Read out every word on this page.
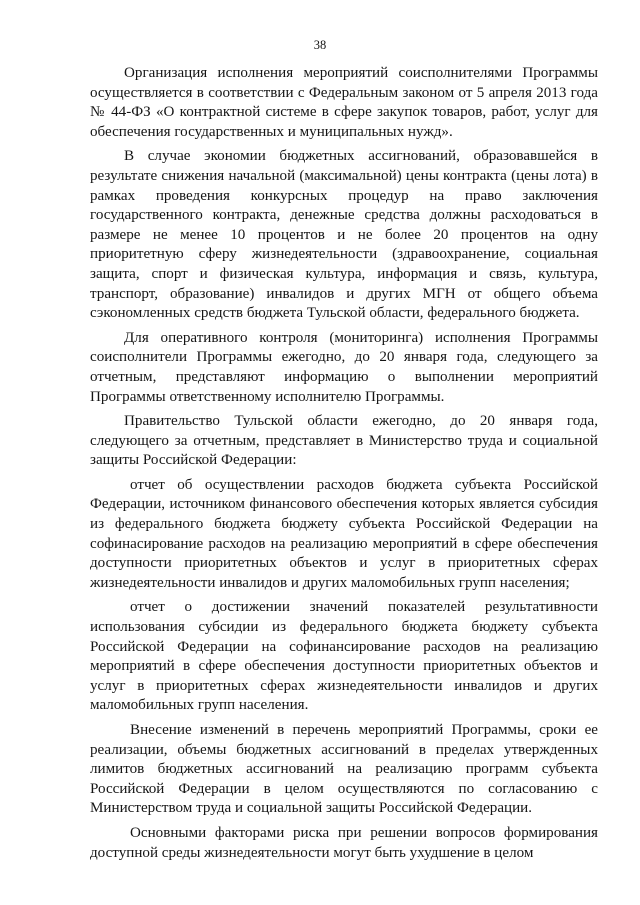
38

Организация исполнения мероприятий соисполнителями Программы осуществляется в соответствии с Федеральным законом от 5 апреля 2013 года № 44-ФЗ «О контрактной системе в сфере закупок товаров, работ, услуг для обеспечения государственных и муниципальных нужд».

В случае экономии бюджетных ассигнований, образовавшейся в результате снижения начальной (максимальной) цены контракта (цены лота) в рамках проведения конкурсных процедур на право заключения государственного контракта, денежные средства должны расходоваться в размере не менее 10 процентов и не более 20 процентов на одну приоритетную сферу жизнедеятельности (здравоохранение, социальная защита, спорт и физическая культура, информация и связь, культура, транспорт, образование) инвалидов и других МГН от общего объема сэкономленных средств бюджета Тульской области, федерального бюджета.

Для оперативного контроля (мониторинга) исполнения Программы соисполнители Программы ежегодно, до 20 января года, следующего за отчетным, представляют информацию о выполнении мероприятий Программы ответственному исполнителю Программы.

Правительство Тульской области ежегодно, до 20 января года, следующего за отчетным, представляет в Министерство труда и социальной защиты Российской Федерации:

отчет об осуществлении расходов бюджета субъекта Российской Федерации, источником финансового обеспечения которых является субсидия из федерального бюджета бюджету субъекта Российской Федерации на софинасирование расходов на реализацию мероприятий в сфере обеспечения доступности приоритетных объектов и услуг в приоритетных сферах жизнедеятельности инвалидов и других маломобильных групп населения;

отчет о достижении значений показателей результативности использования субсидии из федерального бюджета бюджету субъекта Российской Федерации на софинансирование расходов на реализацию мероприятий в сфере обеспечения доступности приоритетных объектов и услуг в приоритетных сферах жизнедеятельности инвалидов и других маломобильных групп населения.

Внесение изменений в перечень мероприятий Программы, сроки ее реализации, объемы бюджетных ассигнований в пределах утвержденных лимитов бюджетных ассигнований на реализацию программ субъекта Российской Федерации в целом осуществляются по согласованию с Министерством труда и социальной защиты Российской Федерации.

Основными факторами риска при решении вопросов формирования доступной среды жизнедеятельности могут быть ухудшение в целом
